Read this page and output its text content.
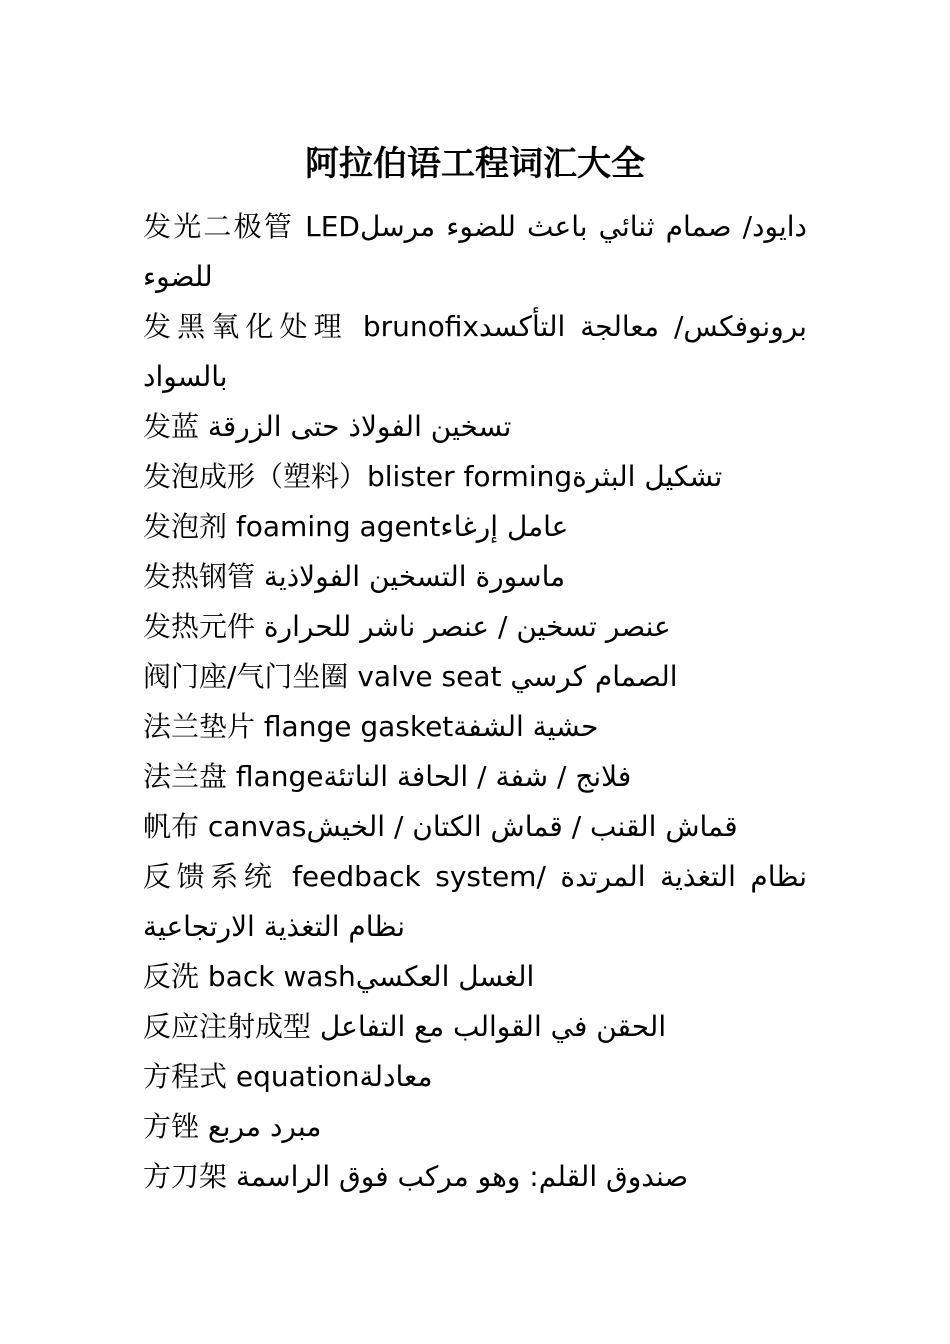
阿拉伯语工程词汇大全
发光二极管 LEDدايود/ صمام ثنائي باعث للضوء مرسل للضوء
发黑氧化处理 brunofixبرونوفكس/ معالجة التأكسد بالسواد
发蓝 تسخين الفولاذ حتى الزرقة
发泡成形（塑料）blister formingتشكيل البثرة
发泡剂 foaming agentعامل إرغاء
发热钢管 ماسورة التسخين الفولاذية
发热元件 عنصر تسخين / عنصر ناشر للحرارة
阀门座/气门坐圈 valve seat الصمام كرسي
法兰垫片 flange gasketحشية الشفة
法兰盘 flangeفلانج / شفة / الحافة الناتئة
帆布 canvasقماش القنب / قماش الكتان / الخيش
反馈系统 feedback systemنظام التغذية المرتدة / نظام التغذية الارتجاعية
反洗 back washالغسل العكسي
反应注射成型 الحقن في القوالب مع التفاعل
方程式 equationمعادلة
方锉 مبرد مربع
方刀架 صندوق القلم: وهو مركب فوق الراسمة
